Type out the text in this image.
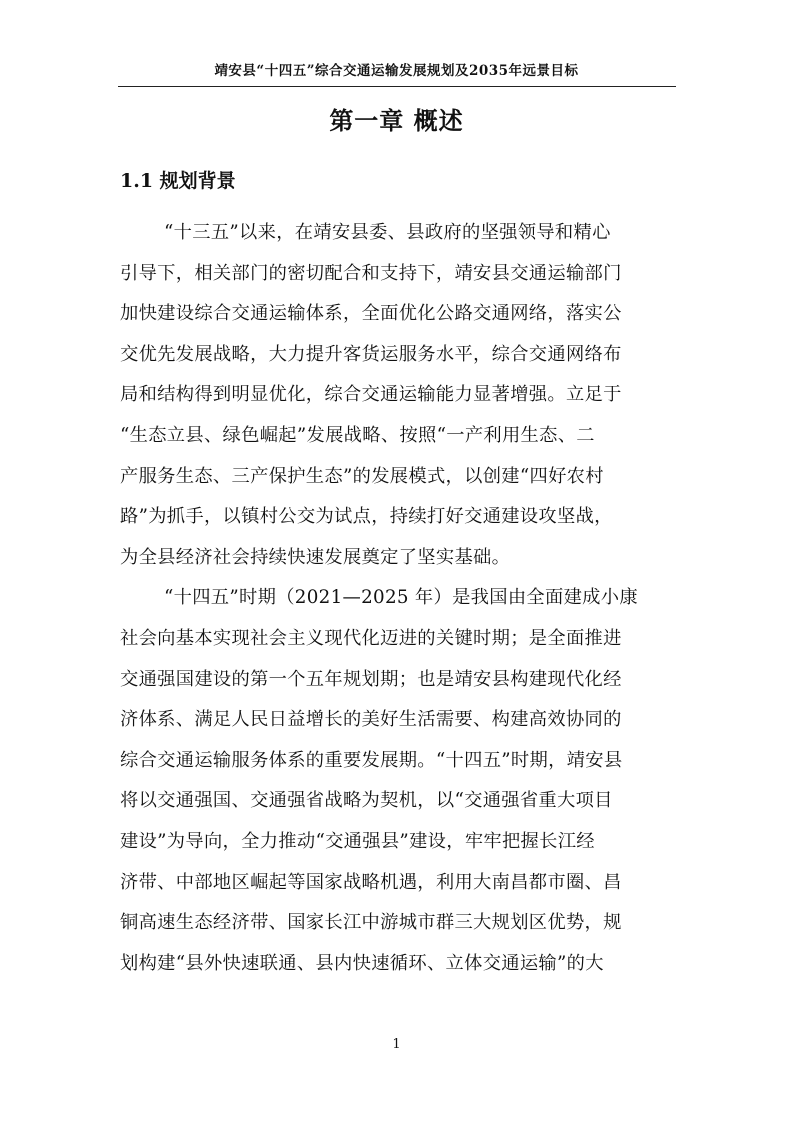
靖安县“十四五”综合交通运输发展规划及2035年远景目标
第一章 概述
1.1 规划背景
“十三五”以来，在靖安县委、县政府的坚强领导和精心
引导下，相关部门的密切配合和支持下，靖安县交通运输部门
加快建设综合交通运输体系，全面优化公路交通网络，落实公
交优先发展战略，大力提升客货运服务水平，综合交通网络布
局和结构得到明显优化，综合交通运输能力显著增强。立足于
“生态立县、绿色崛起”发展战略、按照“一产利用生态、二
产服务生态、三产保护生态”的发展模式，以创建“四好农村
路”为抓手，以镇村公交为试点，持续打好交通建设攻坚战，
为全县经济社会持续快速发展奠定了坚实基础。
“十四五”时期（2021—2025 年）是我国由全面建成小康
社会向基本实现社会主义现代化迈进的关键时期；是全面推进
交通强国建设的第一个五年规划期；也是靖安县构建现代化经
济体系、满足人民日益增长的美好生活需要、构建高效协同的
综合交通运输服务体系的重要发展期。“十四五”时期，靖安县
将以交通强国、交通强省战略为契机，以“交通强省重大项目
建设”为导向，全力推动“交通强县”建设，牢牢把握长江经
济带、中部地区崛起等国家战略机遇，利用大南昌都市圈、昌
铜高速生态经济带、国家长江中游城市群三大规划区优势，规
划构建“县外快速联通、县内快速循环、立体交通运输”的大
1
